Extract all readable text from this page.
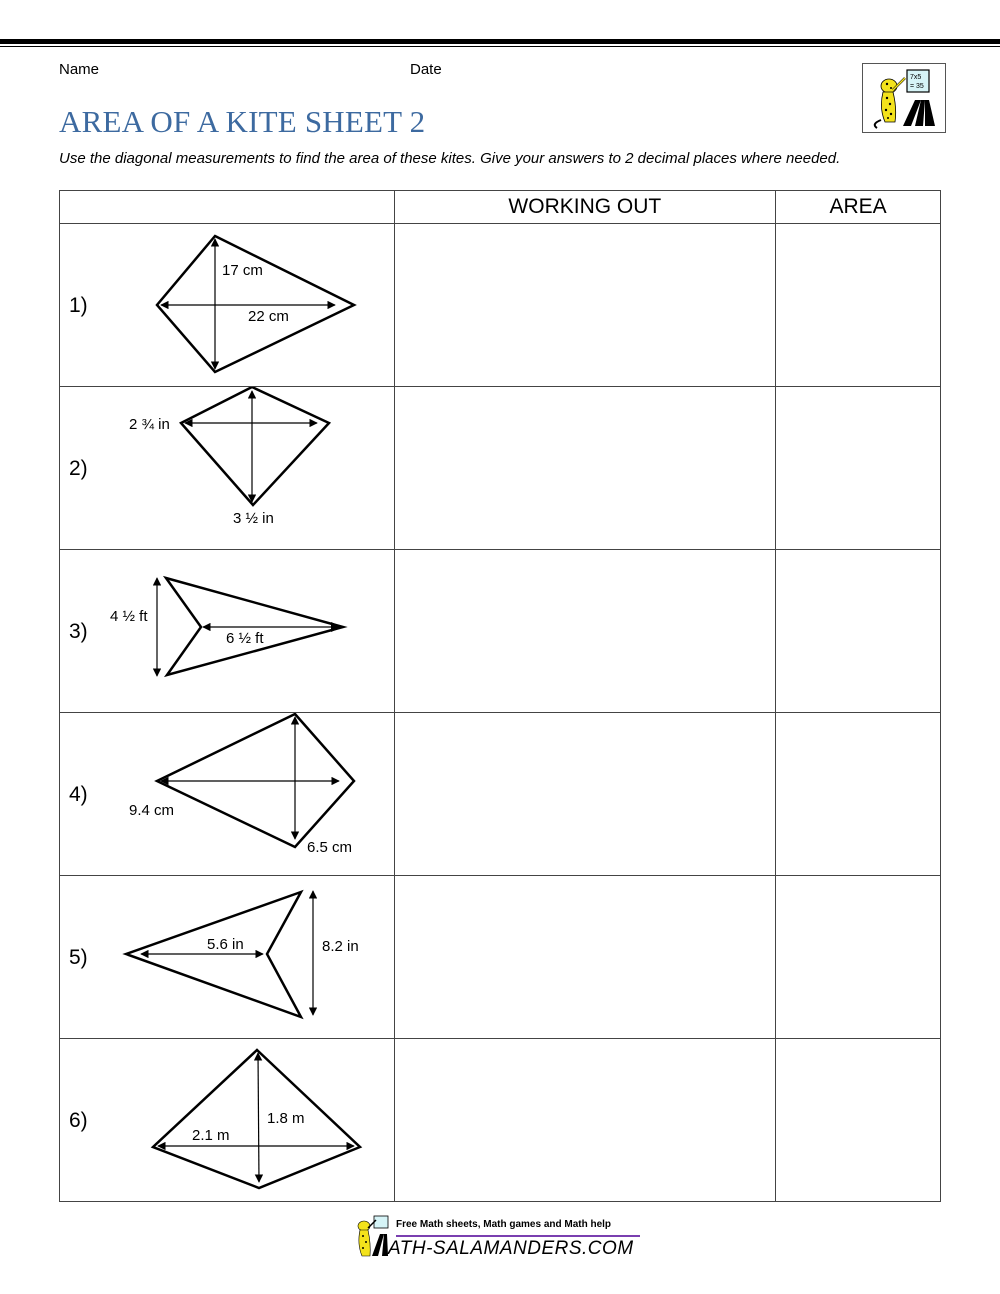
Name	Date	7x5
= 35
AREA OF A KITE SHEET 2
Use the diagonal measurements to find the area of these kites. Give your answers to 2 decimal places where needed.
	WORKING OUT	AREA

1)
17 cm
22 cm		

2)
2 ¾ in
3 ½ in		

3)
4 ½ ft
6 ½ ft		

4)
9.4 cm
6.5 cm		

5)
5.6 in 8.2 in		

6)
2.1 m
1.8 m		

Free Math sheets, Math games and Math help
ATH-SALAMANDERS.COM
